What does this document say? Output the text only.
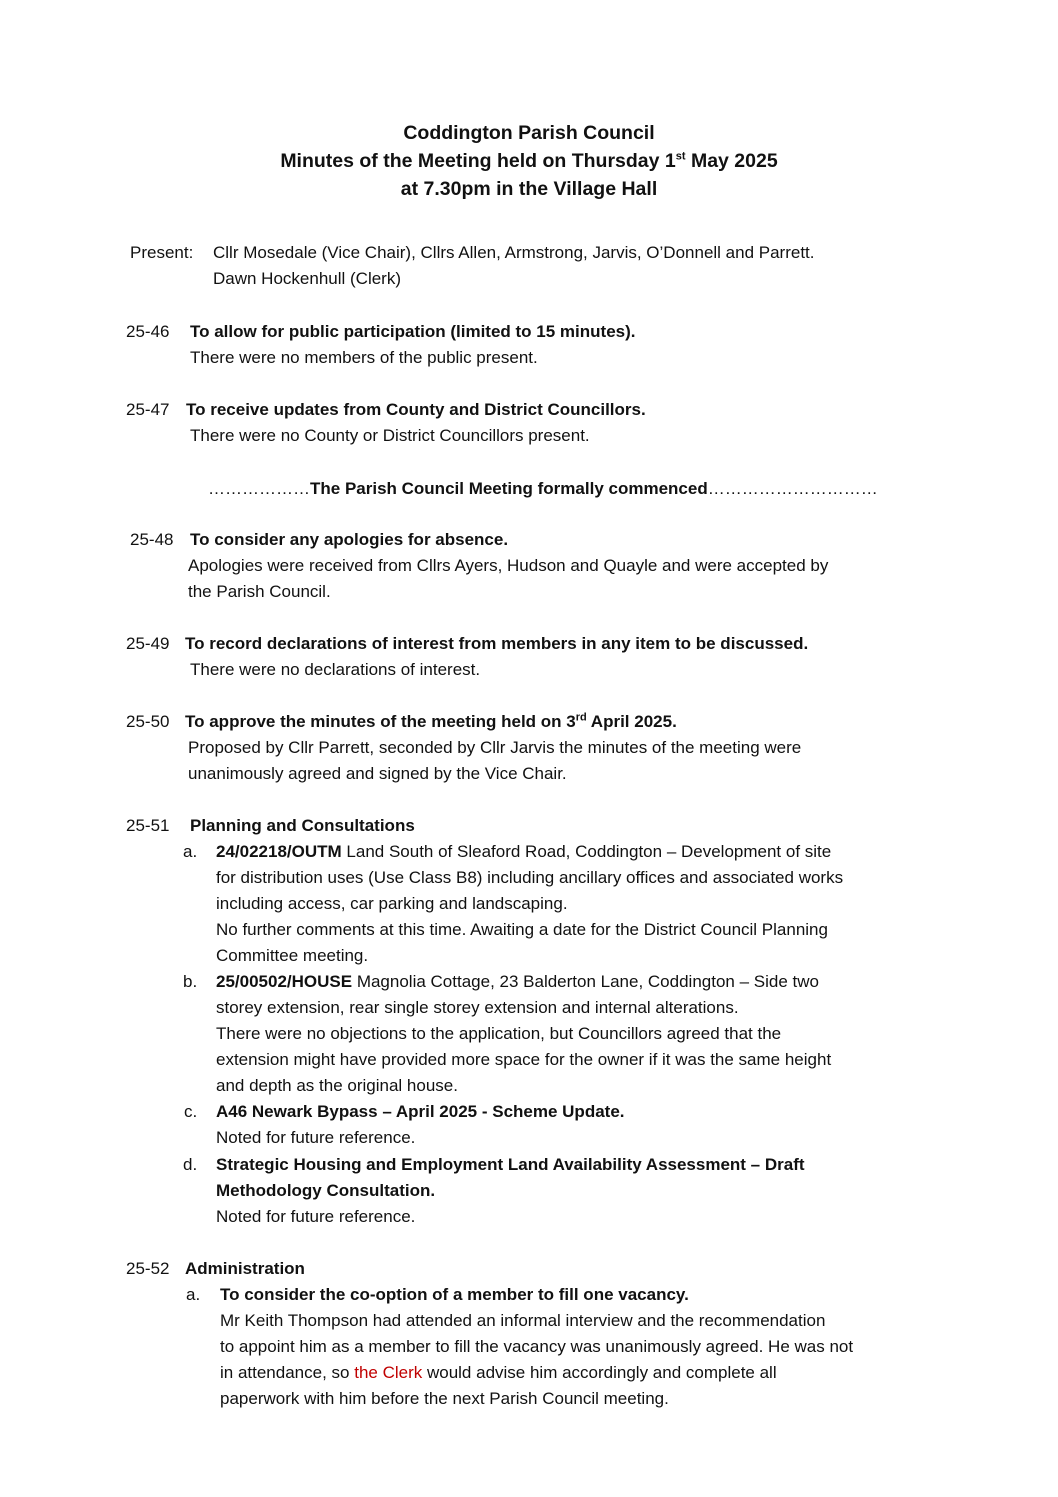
Coddington Parish Council
Minutes of the Meeting held on Thursday 1st May 2025
at 7.30pm in the Village Hall
Present: Cllr Mosedale (Vice Chair), Cllrs Allen, Armstrong, Jarvis, O’Donnell and Parrett.
Dawn Hockenhull (Clerk)
25-46 To allow for public participation (limited to 15 minutes).
There were no members of the public present.
25-47 To receive updates from County and District Councillors.
There were no County or District Councillors present.
………………The Parish Council Meeting formally commenced…………………………
25-48 To consider any apologies for absence.
Apologies were received from Cllrs Ayers, Hudson and Quayle and were accepted by
the Parish Council.
25-49 To record declarations of interest from members in any item to be discussed.
There were no declarations of interest.
25-50 To approve the minutes of the meeting held on 3rd April 2025.
Proposed by Cllr Parrett, seconded by Cllr Jarvis the minutes of the meeting were
unanimously agreed and signed by the Vice Chair.
25-51 Planning and Consultations
a. 24/02218/OUTM Land South of Sleaford Road, Coddington – Development of site
for distribution uses (Use Class B8) including ancillary offices and associated works
including access, car parking and landscaping.
No further comments at this time. Awaiting a date for the District Council Planning
Committee meeting.
b. 25/00502/HOUSE Magnolia Cottage, 23 Balderton Lane, Coddington – Side two
storey extension, rear single storey extension and internal alterations.
There were no objections to the application, but Councillors agreed that the
extension might have provided more space for the owner if it was the same height
and depth as the original house.
c. A46 Newark Bypass – April 2025 - Scheme Update.
Noted for future reference.
d. Strategic Housing and Employment Land Availability Assessment – Draft
Methodology Consultation.
Noted for future reference.
25-52 Administration
a. To consider the co-option of a member to fill one vacancy.
Mr Keith Thompson had attended an informal interview and the recommendation
to appoint him as a member to fill the vacancy was unanimously agreed. He was not
in attendance, so the Clerk would advise him accordingly and complete all
paperwork with him before the next Parish Council meeting.
